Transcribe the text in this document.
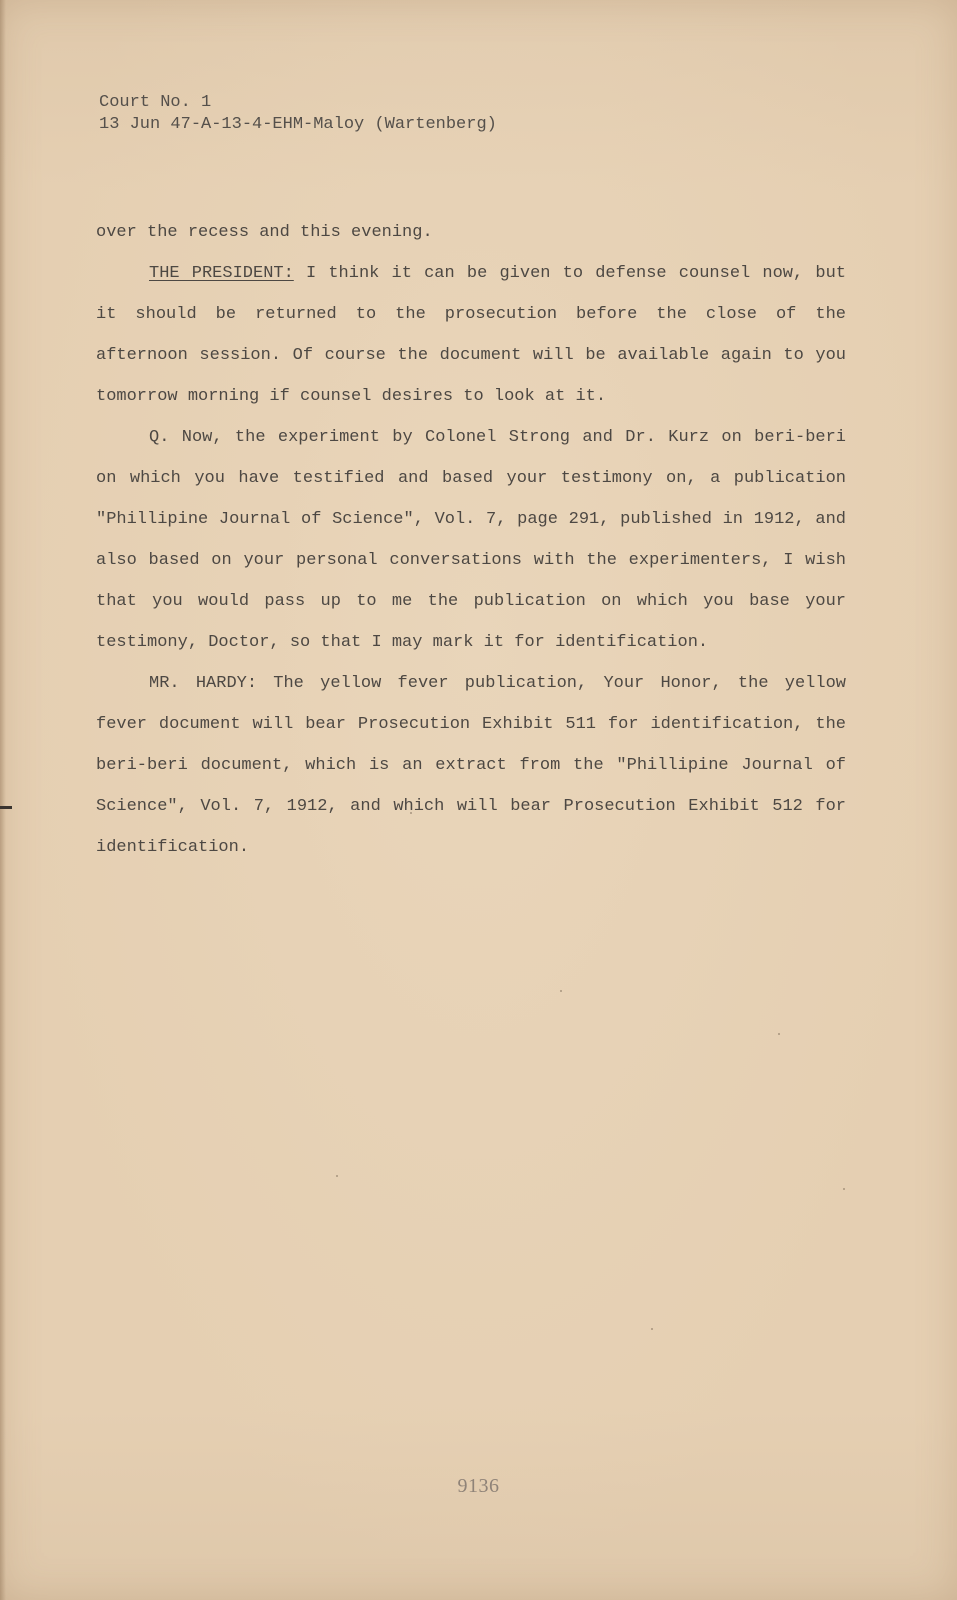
Court No. 1
13 Jun 47-A-13-4-EHM-Maloy (Wartenberg)

over the recess and this evening.

THE PRESIDENT: I think it can be given to defense counsel now, but it should be returned to the prosecution before the close of the afternoon session. Of course the document will be available again to you tomorrow morning if counsel desires to look at it.

Q. Now, the experiment by Colonel Strong and Dr. Kurz on beri-beri on which you have testified and based your testimony on, a publication "Phillipine Journal of Science", Vol. 7, page 291, published in 1912, and also based on your personal conversations with the experimenters, I wish that you would pass up to me the publication on which you base your testimony, Doctor, so that I may mark it for identification.

MR. HARDY: The yellow fever publication, Your Honor, the yellow fever document will bear Prosecution Exhibit 511 for identification, the beri-beri document, which is an extract from the "Phillipine Journal of Science", Vol. 7, 1912, and which will bear Prosecution Exhibit 512 for identification.

9136
